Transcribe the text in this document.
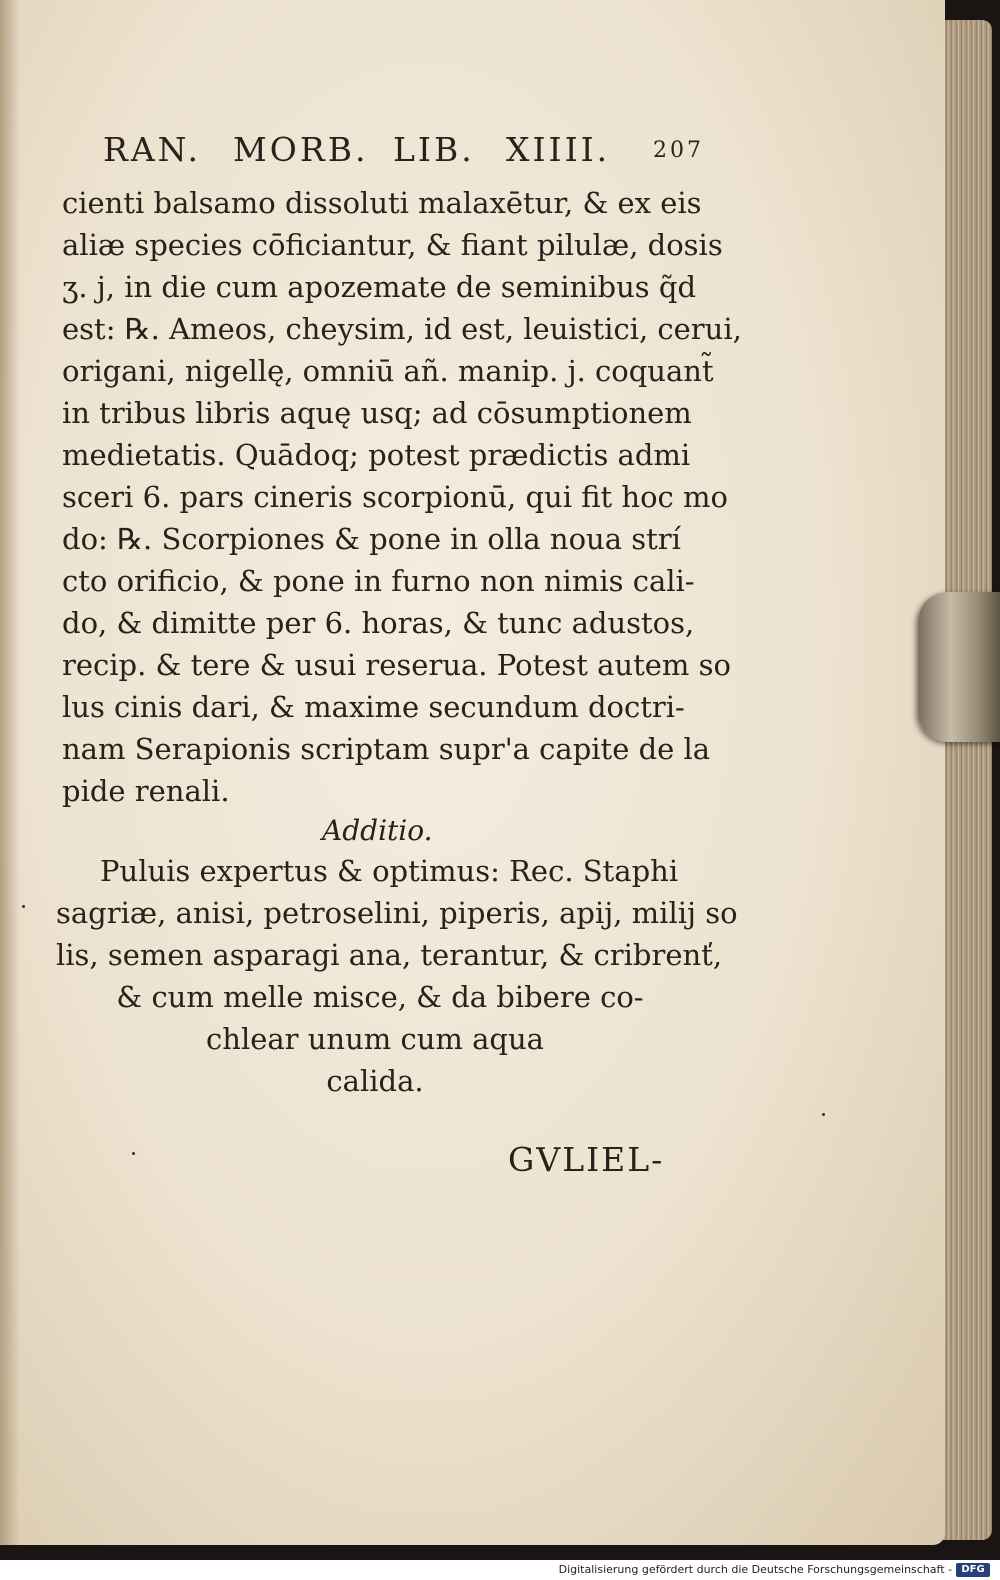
RAN. MORB. LIB. XIIII. 207
cienti balsamo dissoluti malaxētur, & ex eis
aliæ species cōficiantur, & fiant pilulæ, dosis
ʒ. j, in die cum apozemate de seminibus q̃d
est: ℞. Ameos, cheysim, id est, leuistici, cerui,
origani, nigellę, omniū añ. manip. j. coquant̃
in tribus libris aquę usq; ad cōsumptionem
medietatis. Quādoq; potest prædictis admi
sceri 6. pars cineris scorpionū, qui fit hoc mo
do: ℞. Scorpiones & pone in olla noua strí
cto orificio, & pone in furno non nimis cali-
do, & dimitte per 6. horas, & tunc adustos,
recip. & tere & usui reserua. Potest autem so
lus cinis dari, & maxime secundum doctri-
nam Serapionis scriptam supr'a capite de la
pide renali.
Additio.
Puluis expertus & optimus: Rec. Staphi
sagriæ, anisi, petroselini, piperis, apij, milij so
lis, semen asparagi ana, terantur, & cribrenť,
& cum melle misce, & da bibere co-
chlear unum cum aqua
calida.
GVLIEL-
Digitalisierung gefördert durch die Deutsche Forschungsgemeinschaft - DFG
